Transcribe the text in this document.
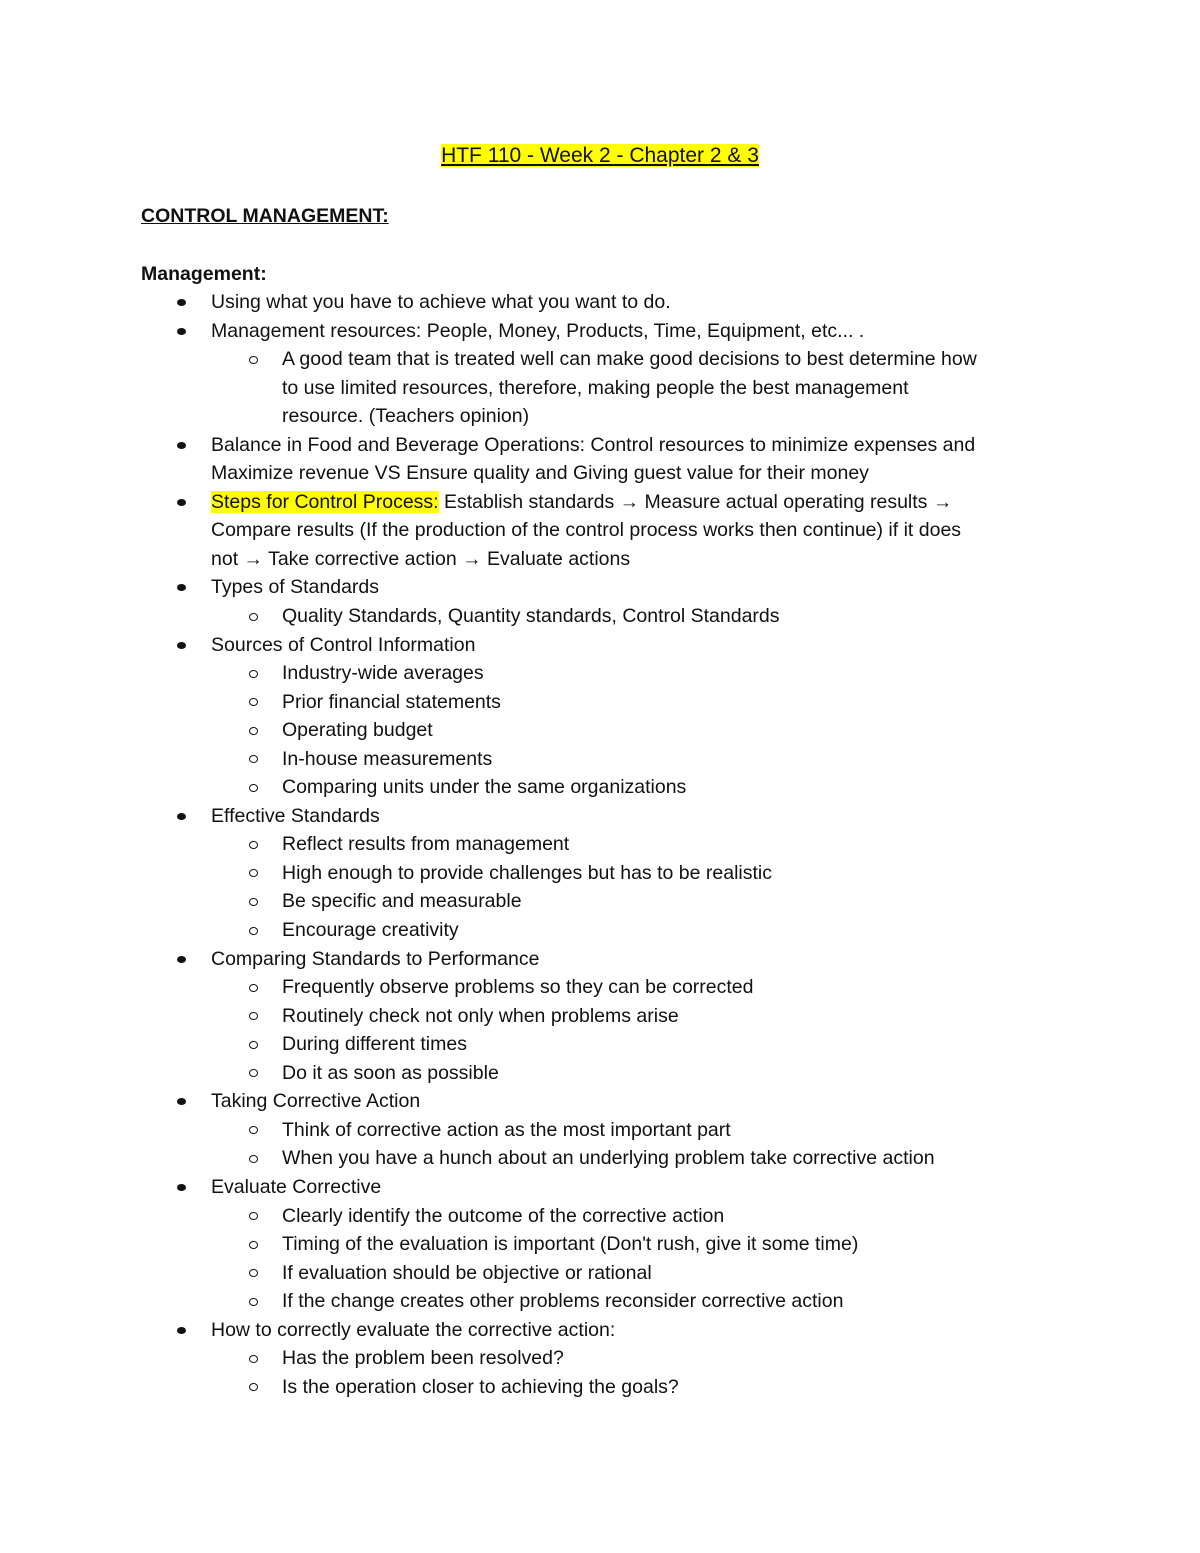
HTF 110 - Week 2 - Chapter 2 & 3
CONTROL MANAGEMENT:
Management:
Using what you have to achieve what you want to do.
Management resources: People, Money, Products, Time, Equipment, etc... .
A good team that is treated well can make good decisions to best determine how
to use limited resources, therefore, making people the best management
resource. (Teachers opinion)
Balance in Food and Beverage Operations: Control resources to minimize expenses and
Maximize revenue VS Ensure quality and Giving guest value for their money
Steps for Control Process: Establish standards → Measure actual operating results →
Compare results (If the production of the control process works then continue) if it does
not → Take corrective action → Evaluate actions
Types of Standards
Quality Standards, Quantity standards, Control Standards
Sources of Control Information
Industry-wide averages
Prior financial statements
Operating budget
In-house measurements
Comparing units under the same organizations
Effective Standards
Reflect results from management
High enough to provide challenges but has to be realistic
Be specific and measurable
Encourage creativity
Comparing Standards to Performance
Frequently observe problems so they can be corrected
Routinely check not only when problems arise
During different times
Do it as soon as possible
Taking Corrective Action
Think of corrective action as the most important part
When you have a hunch about an underlying problem take corrective action
Evaluate Corrective
Clearly identify the outcome of the corrective action
Timing of the evaluation is important (Don't rush, give it some time)
If evaluation should be objective or rational
If the change creates other problems reconsider corrective action
How to correctly evaluate the corrective action:
Has the problem been resolved?
Is the operation closer to achieving the goals?
